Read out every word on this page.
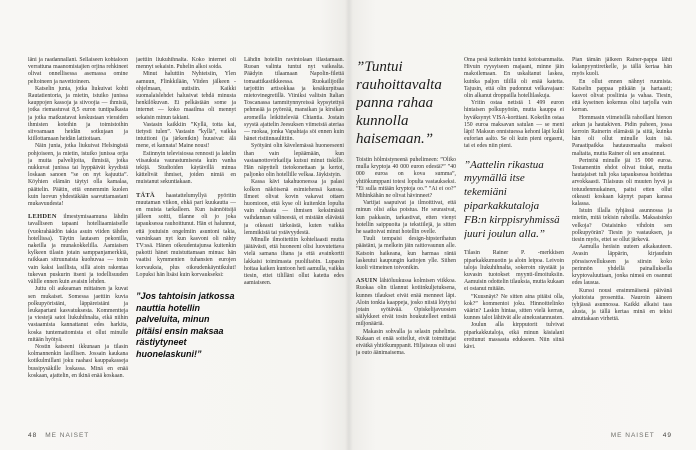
läni ja raadannallani. Sellaiseen kohtaloon verrattuna maanomistajien orjina rehkineet olivat onnellisessa asemassa omine peltoineen ja navettoineen.

Katselin junia, jotka liukuivat kohti Rautatientoria, ja mietin, istuiko junissa kauppojen kassoja ja siivoojia — ihmisiä, jotka riemastuvat 8,5 euron tuntipalkasta ja jotka matkustavat keskustaan vieraiden ihmisten koteihin ja toimistoihin siivoamaan heidän sotkujaan ja kiillottamaan heidän lattioitaan.

Näin junia, jotka liukuivat Helsingistä pohjoiseen, ja mietin, istuiko junissa orjia ja muita palvelijoita, ihmisiä, jotka nukkuvat junissa tai hyppäävät kyydistä loskaan sanoen ”se on nyt kajuutta”. Köyhien elämän täytyi olla kamalaa, päättelin. Päätin, että ennemmin kuolen kuin luovun yhdestäkään saavuttamastani mukavuudesta!

LEHDEN ilmestymisaamuna lähdin tavalliseen tapaani hotelliaamiaiselle (vuokrahäädön takia asuin viiden tähden hotellissa). Täytin lautasen pekonilla, nakeilla ja munakokkelilla. Aamiaisen kylkeen tilasin jotain samppanjamerkkiä, raikkaan sitruunaista kuohuvaa — tosin vain kaksi lasillista, sillä aioin rakentaa tukevan puskurin itseni ja todellisuuden välille ennen kuin avaisin lehden.

Juttu oli aukeaman mittainen ja kuvat sen mukaiset. Somessa jaettiin kuvia polkupyöristäni, läppäreistäni ja leukapartani kasvatuksesta. Kommentteja ja viestejä satoi liukuhihnalta, eikä niihin vastaamista kannattanut edes harkita, koska tuntemattomista ei ollut minulle mitään hyötyä.

Nostin katseeni ikkunaan ja tilasin kolmannenkin lasillisen. Jossain kaukana kotikulmillani joku raahasi kauppakasseja bussipysäkille loskassa. Minä en enää koskaan, ajattelin, en ikinä enää koskaan.

jaettiin liukuhihnalta. Koko internet oli mennyt sekaisin. Puhelin alkoi soida.

Minut haluttiin Nyhteisiin, Ylen aamuun, Flinkkilään, Viiden jälkeen -ohjelmaan, uutisiin. Kaikki suomalaislehdet halusivat tehdä minusta henkilökuvan. Ei pelkästään some ja internet — koko maailma oli mennyt sekaisin minun takiani.

Vastasin kaikkiin ”Kyllä, totta kai, tietysti tulen”. Vastasin ”kyllä”, vaikka intuitioni (ja järkenikin) huusivat: älä mene, ei kannata! Maine nousi!

Esiinnyin televisiossa rennosti ja latelin viisauksia vaurastumisesta kuin vanha tekijä. Studioiden käytävillä minua kättelivät ihmiset, joiden nimiä en muistanut sekuntiakaan.

TÄTÄ haastattelumyllyä pyöritin muutaman viikon, ehkä pari kuukautta — en muista tarkalleen. Kun isännöitsijä jälleen soitti, tilanne oli jo joka tapauksessa rauhoittunut. Hän ei halunnut, että joutuisin ongelmiin asuntoni takia, varsinkaan nyt kun kasvoni oli nähty TV:ssä. Hänen oikeudentajunsa kuitenkin pakotti hänet muistuttamaan minua: hän vaatisi kymmenien tuhansien eurojen korvauksia, plus oikeudenkäyntikulut! Lopuksi hän lisäsi kuin korvaukseksi:

”Jos tahtoisin jatkossa nauttia hotellin palveluita, minun pitäisi ensin maksaa rästiytyneet huonelaskuni!”

Lähdin hotellin ravintolaan illastamaan. Ruoan valinta tuntui nyt vaikealta. Päädyin tilaamaan Napolin-filettä tomaattikastikkeessa. Ruokailijoille tarjottiin artisokkaa ja kesäkurpitsaa mietovinegretillä. Viiniksi valitsin Italian Toscanassa tammitynnyreissä kypsytettyä pehmeää ja pyöreää, mansikan ja kirsikan aromeilla leikittelevää Chiantia. Jostain syystä ajattelin Jeesuksen viimeistä ateriaa — ruokaa, jonka Vapahtaja söi ennen kuin hänet ristiinnaulittiin.

Syötyäni olin kävelemässä huoneeseeni ihan vain lepäämään, kun vastaanottovirkailija kutsui minut tiskille. Hän näpytteli tietokonettaan ja kertoi, paljonko olin hotellille velkaa. Jäykistyin.

Kassa kävi takahuoneessa ja palasi kolkon näköisenä esimiehensä kanssa. Ilmeet olivat kovin vakavat ottaen huomioon, että kyse oli kuitenkin lopulta vain rahasta — ihmisen keksimästä vaihdannan välineestä, ei mistään elävästä ja oikeasti tärkeästä, kuten vaikka lemmikistä tai ystävyydestä.

Minulle ilmoitettiin kohteliaasti mutta jäätävästi, että huoneeni olisi luovutettava vielä samana iltana ja että avainkortti lakkaisi toimimasta puoliltaöin. Lupasin hoitaa kaiken kuntoon heti aamulla, vaikka tiesin, ettei tililläni ollut katetta edes aamiaiseen.

”Tuntui rauhoittavalta panna rahaa kunnolla haisemaan.”

Toistin hölmistyneenä puhelimeen: ”Oliko mulla kryptoja 40 000 euron edestä?” ”40 000 euroa on kova summa”, yhtiökumppani totesi lopulta vastaukseksi. ”Ei sulla mitään kryptoja oo.” ”Ai ei oo?” Mihinkähän ne olivat hävinneet?

Vartijat saapuivat ja ilmoittivat, että minun olisi aika poistua. He seurasivat, kun pakkasin, tarkastivat, etten vienyt hotellin saippuoita ja tekstiilejä, ja sitten he saattoivat minut hotellin ovelle.

Tuuli tempaisi design-hipsterihatun päästäni, ja melkein jäin raitiovaunun alle. Katsoin haikeana, kun harmaa räntä laskeutui kaupungin kattojen ylle. Siihen kuoli viimeinen toivonikin.

ASUIN lähiöluukussa kolmisen viikkoa. Ruokaa olin tilannut kotiinkuljetuksena, kunnes tilaukset eivät enää menneet läpi. Aloin tonkia kaappeja, josko niistä löytyisi jotain syötävää. Opiskelijavuosien säilykkeet eivät tosin houkutelleet entistä miljonääriä.

Makasin sohvalla ja selasin puhelinta. Kukaan ei enää soitellut, eivät toimittajat eivätkä yhtiökumppanit. Hiljaisuus oli uusi ja outo äänimaisema.

Oma pesä kuitenkin tuntui kotoisammalta. Hivuin ryysyiseen majaani, minne jäin makoilemaan. En uskaltanut laskea, kuinka paljon tilillä oli enää katetta. Tajusin, että olin pudonnut velkavajaan: olin alkanut droppailla hotellilaskuja.

Yritin ostaa netistä 1 499 euron hintaisen polkupyörän, mutta kauppa ei hyväksynyt VISA-korttiani. Kokeilin ostaa 150 euroa maksavan satulan — se meni läpi! Maksun onnistuessa kehoni läpi kulki euforian aalto. Se oli kuin pieni orgasmi, tai ei edes niin pieni.

”Aattelin rikastua myymällä itse tekemiäni piparkakkutaloja FB:n kirppisryhmissä juuri joulun alla.”

Tilasin Rainer P. -merkkisen piparkakkumuotin ja aloin leipoa. Leivoin taloja liukuhihnalta, sokeroin räystäät ja kuvasin tuotokset myynti-ilmoituksiin. Aamuisin odottelin tilauksia, mutta kukaan ei ostanut mitään.

”Kuusnäyt? Ne sitten aina pitäisi olla, kok?” kommentoi joku. Hinnoittelinko väärin? Laskin hintaa, sitten vielä kerran, kunnes talot lähtivät alle ainekustannusten.

Joulun alla kirpputorit tulvivat piparkakkutaloja, eikä minun käsialani erottunut massasta edukseen. Niin siinä kävi.

Pian tämän jälkeen Rainer-pappa lähti kalanpyyntiretkelle, ja tällä kertaa hän myös kuoli.

En ollut ennen nähnyt ruumista. Katselin pappaa pitkään ja hartaasti; kasvot olivat posliinia ja vahaa. Tiesin, että kyseinen kokemus olisi tarjolla vain kerran.

Hommasin viimeisillä rahoillani hienon arkun ja hautakiven. Pidin puheen, jossa kerroin Rainerin elämästä ja siitä, kuinka hän oli ollut minulle kuin isä. Paraatipaikka hautausmaalta maksoi maltaita, mutta Rainer oli sen ansainnut.

Perintöä minulle jäi 15 000 euroa. Testamentin ehdot olivat tiukat, mutta hautajaiset tuli joka tapauksessa hoidettua arvokkaasti. Tilaisuus oli muuten hyvä ja totuudenmukainen, paitsi etten ollut oikeasti koskaan käynyt papan kanssa kalassa.

Istuin illalla tyhjässä asunnossa ja mietin, mitä tekisin rahoilla. Maksaisinko velkoja? Ostaisinko vihdoin sen polkupyörän? Tiesin jo vastauksen, ja tiesin myös, ettei se ollut järkevä.

Aamulla heräsin uuteen aikakauteen. Avasin läppärin, kirjauduin pörssisovellukseen ja siirsin koko perinnön yhdellä painalluksella kryptovaluuttaan, jonka nimeä en osannut edes lausua.

Kurssi nousi ensimmäisenä päivänä yksitoista prosenttia. Nauroin ääneen tyhjässä asunnossa. Kaikki alkaisi taas alusta, ja tällä kertaa minä en tekisi ainuttakaan virhettä.

48 ME NAISET	ME NAISET 49
